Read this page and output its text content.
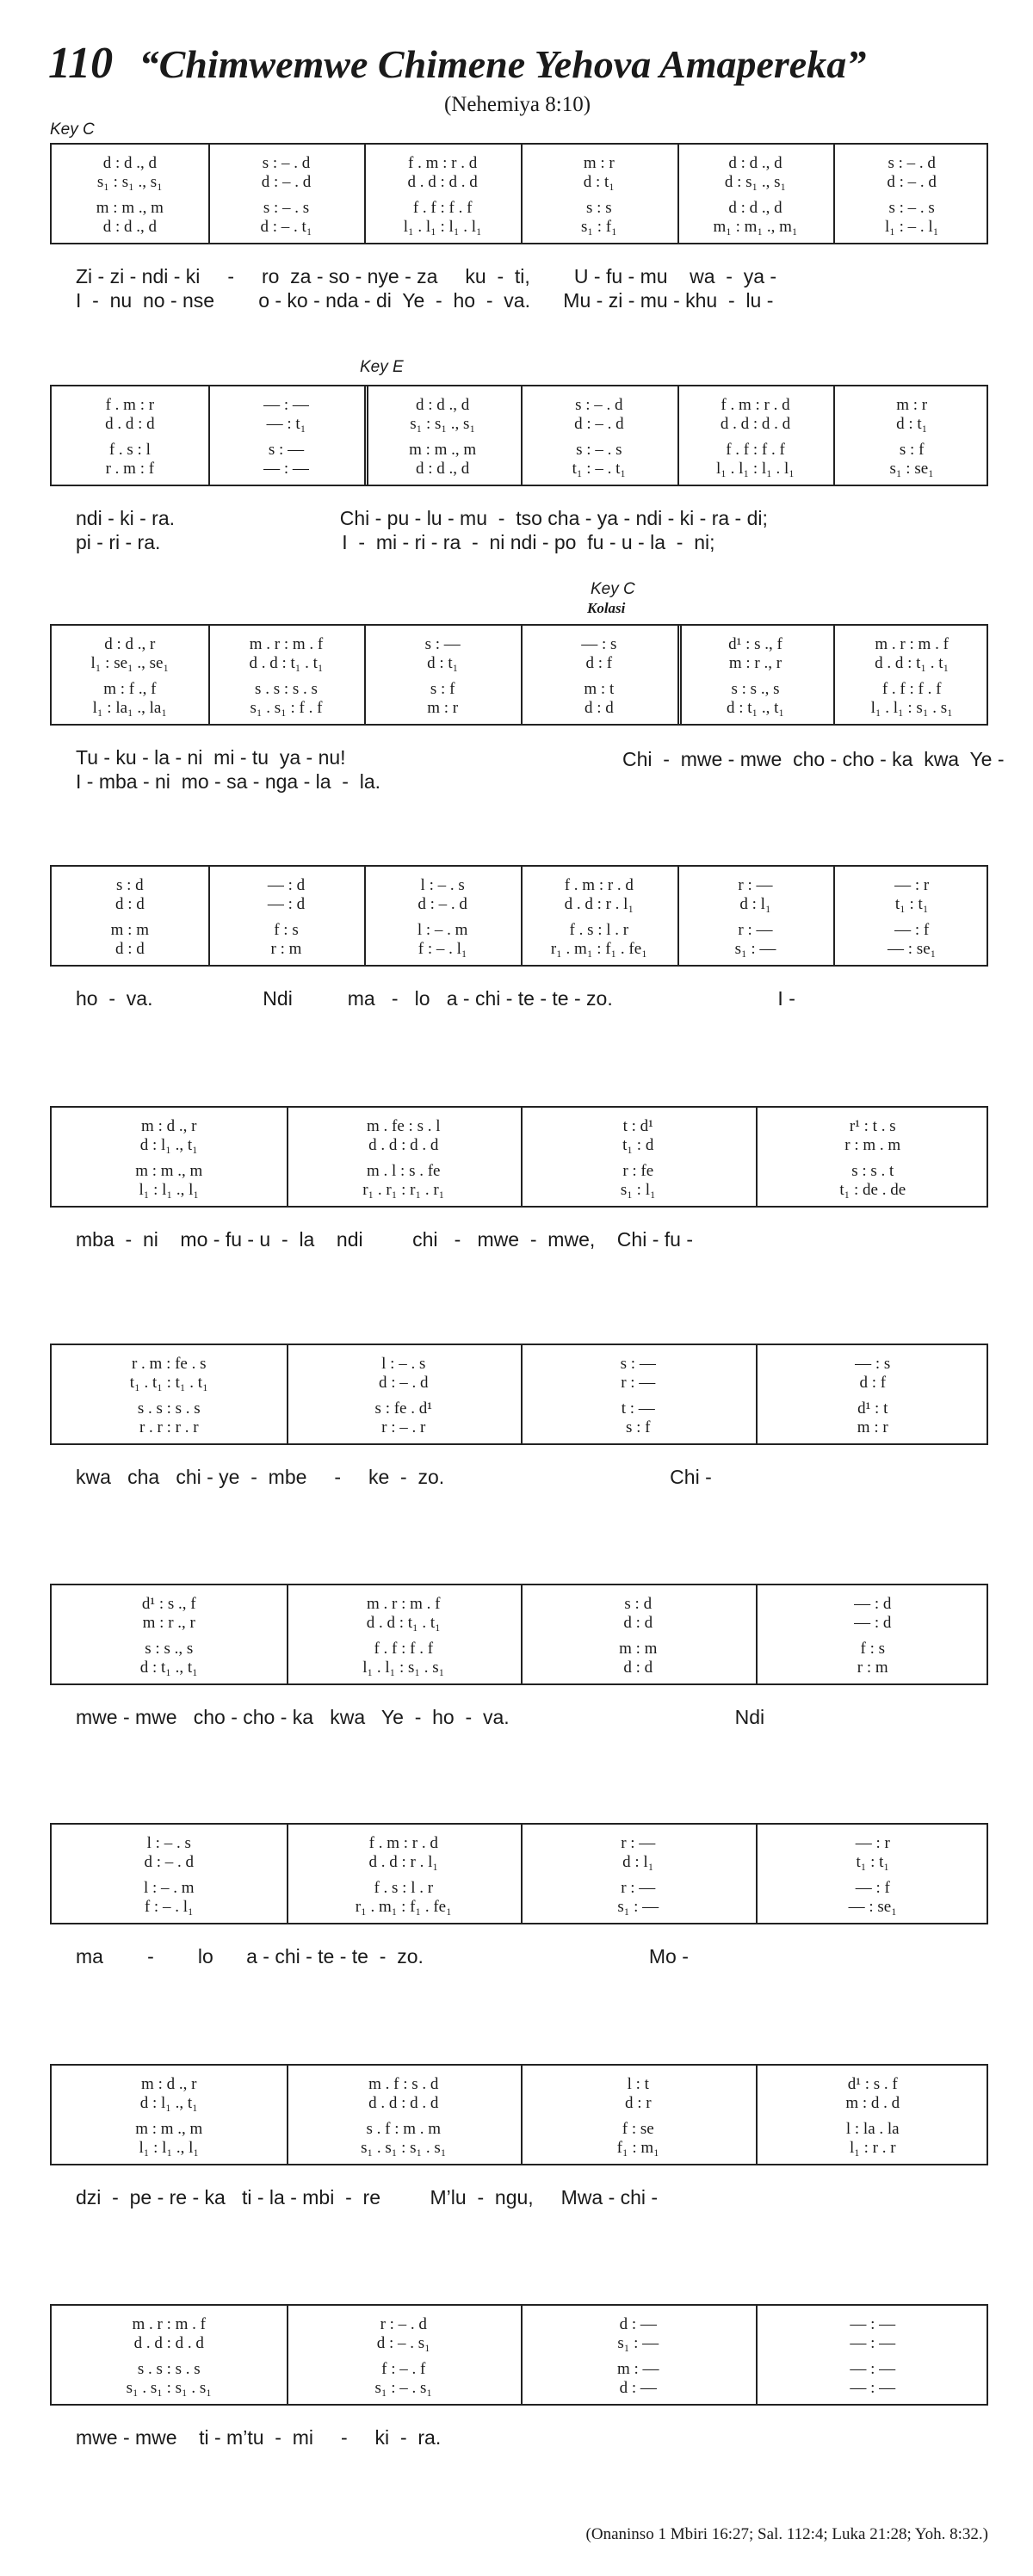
110 “Chimwemwe Chimene Yehova Amapereka”
(Nehemiya 8:10)
Key C
Key E
Key C
Kolasi
d : d ., d	s : – . d	f . m : r . d	m : r	d : d ., d	s : – . d
s₁ : s₁ ., s₁	d : – . d	d . d : d . d	d : t₁	d : s₁ ., s₁	d : – . d
m : m ., m	s : – . s	f . f : f . f	s : s	d : d ., d	s : – . s
d : d ., d	d : – . t₁	l₁ . l₁ : l₁ . l₁	s₁ : f₁	m₁ : m₁ ., m₁	l₁ : – . l₁
Zi - zi - ndi - ki     -     ro  za - so - nye - za     ku  -  ti,        U - fu - mu    wa  -  ya -
I  -  nu  no - nse        o - ko - nda - di  Ye  -  ho  -  va.      Mu - zi - mu - khu  -  lu -
f . m : r	— : —	d : d ., d	s : – . d	f . m : r . d	m : r
d . d : d	— : t₁	s₁ : s₁ ., s₁	d : – . d	d . d : d . d	d : t₁
f . s : l	s : —	m : m ., m	s : – . s	f . f : f . f	s : f
r . m : f	— : —	d : d ., d	t₁ : – . t₁	l₁ . l₁ : l₁ . l₁	s₁ : se₁
ndi - ki - ra.                              Chi - pu - lu - mu  -  tso cha - ya - ndi - ki - ra - di;
pi - ri - ra.                                 I  -  mi - ri - ra  -  ni ndi - po  fu - u - la  -  ni;
d : d ., r	m . r : m . f	s : —	— : s	d¹ : s ., f	m . r : m . f
l₁ : se₁ ., se₁	d . d : t₁ . t₁	d : t₁	d : f	m : r ., r	d . d : t₁ . t₁
m : f ., f	s . s : s . s	s : f	m : t	s : s ., s	f . f : f . f
l₁ : la₁ ., la₁	s₁ . s₁ : f . f	m : r	d : d	d : t₁ ., t₁	l₁ . l₁ : s₁ . s₁
Tu - ku - la - ni  mi - tu  ya - nu!
I - mba - ni  mo - sa - nga - la  -  la.
Chi  -  mwe - mwe  cho - cho - ka  kwa  Ye -
s : d	— : d	l : – . s	f . m : r . d	r : —	— : r
d : d	— : d	d : – . d	d . d : r . l₁	d : l₁	t₁ : t₁
m : m	f : s	l : – . m	f . s : l . r	r : —	— : f
d : d	r : m	f : – . l₁	r₁ . m₁ : f₁ . fe₁	s₁ : —	— : se₁
ho  -  va.                    Ndi          ma   -   lo   a - chi - te - te - zo.                              I -
m : d ., r	m . fe : s . l	t : d¹	r¹ : t . s
d : l₁ ., t₁	d . d : d . d	t₁ : d	r : m . m
m : m ., m	m . l : s . fe	r : fe	s : s . t
l₁ : l₁ ., l₁	r₁ . r₁ : r₁ . r₁	s₁ : l₁	t₁ : de . de
mba  -  ni    mo - fu - u  -  la    ndi         chi   -   mwe  -  mwe,    Chi - fu -
r . m : fe . s	l : – . s	s : —	— : s
t₁ . t₁ : t₁ . t₁	d : – . d	r : —	d : f
s . s : s . s	s : fe . d¹	t : —	d¹ : t
r . r : r . r	r : – . r	s : f	m : r
kwa   cha   chi - ye  -  mbe     -     ke  -  zo.                                         Chi -
d¹ : s ., f	m . r : m . f	s : d	— : d
m : r ., r	d . d : t₁ . t₁	d : d	— : d
s : s ., s	f . f : f . f	m : m	f : s
d : t₁ ., t₁	l₁ . l₁ : s₁ . s₁	d : d	r : m
mwe - mwe   cho - cho - ka   kwa   Ye  -  ho  -  va.                                         Ndi
l : – . s	f . m : r . d	r : —	— : r
d : – . d	d . d : r . l₁	d : l₁	t₁ : t₁
l : – . m	f . s : l . r	r : —	— : f
f : – . l₁	r₁ . m₁ : f₁ . fe₁	s₁ : —	— : se₁
ma        -        lo      a - chi - te - te  -  zo.                                         Mo -
m : d ., r	m . f : s . d	l : t	d¹ : s . f
d : l₁ ., t₁	d . d : d . d	d : r	m : d . d
m : m ., m	s . f : m . m	f : se	l : la . la
l₁ : l₁ ., l₁	s₁ . s₁ : s₁ . s₁	f₁ : m₁	l₁ : r . r
dzi  -  pe - re - ka   ti - la - mbi  -  re         M’lu  -  ngu,     Mwa - chi -
m . r : m . f	r : – . d	d : —	— : —
d . d : d . d	d : – . s₁	s₁ : —	— : —
s . s : s . s	f : – . f	m : —	— : —
s₁ . s₁ : s₁ . s₁	s₁ : – . s₁	d : —	— : —
mwe - mwe    ti - m’tu  -  mi     -     ki  -  ra.
(Onaninso 1 Mbiri 16:27; Sal. 112:4; Luka 21:28; Yoh. 8:32.)
